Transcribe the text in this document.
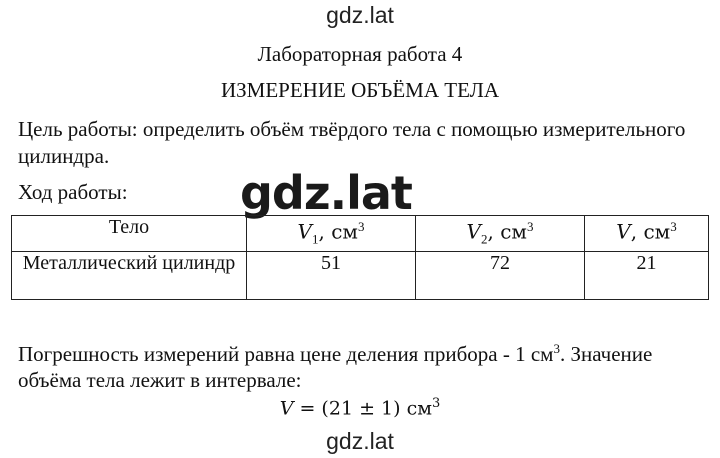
gdz.lat
Лабораторная работа 4
ИЗМЕРЕНИЕ ОБЪЁМА ТЕЛА
Цель работы: определить объём твёрдого тела с помощью измерительного цилиндра.
Ход работы: gdz.lat
Тело	$V_1$, $см^3$	$V_2$, $см^3$	V, $см^3$
Металлический цилиндр	51	72	21
Погрешность измерений равна цене деления прибора - 1 $см^3$. Значение объёма тела лежит в интервале:
V = (21 ± 1) $см^3$
gdz.lat
